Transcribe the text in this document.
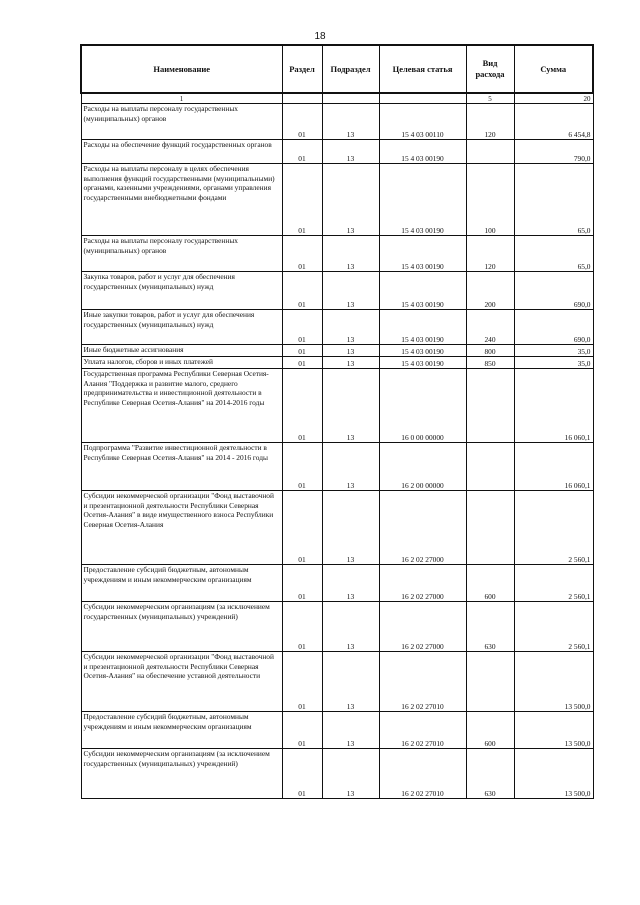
18
Наименование	Раздел	Подраздел	Целевая статья	Вид расхода	Сумма
1				5	20
Расходы на выплаты персоналу государственных (муниципальных) органов	01	13	15 4 03 00110	120	6 454,8
Расходы на обеспечение функций государственных органов	01	13	15 4 03 00190		790,0
Расходы на выплаты персоналу в целях обеспечения выполнения функций государственными (муниципальными) органами, казенными учреждениями, органами управления государственными внебюджетными фондами	01	13	15 4 03 00190	100	65,0
Расходы на выплаты персоналу государственных (муниципальных) органов	01	13	15 4 03 00190	120	65,0
Закупка товаров, работ и услуг для обеспечения государственных (муниципальных) нужд	01	13	15 4 03 00190	200	690,0
Иные закупки товаров, работ и услуг для обеспечения государственных (муниципальных) нужд	01	13	15 4 03 00190	240	690,0
Иные бюджетные ассигнования	01	13	15 4 03 00190	800	35,0
Уплата налогов, сборов и иных платежей	01	13	15 4 03 00190	850	35,0
Государственная программа Республики Северная Осетия-Алания "Поддержка и развитие малого, среднего предпринимательства и инвестиционной деятельности в Республике Северная Осетия-Алания" на 2014-2016 годы	01	13	16 0 00 00000		16 060,1
Подпрограмма "Развитие инвестиционной деятельности в Республике Северная Осетия-Алания" на 2014 - 2016 годы	01	13	16 2 00 00000		16 060,1
Субсидии некоммерческой организации "Фонд выставочной и презентационной деятельности Республики Северная Осетия-Алания" в виде имущественного взноса Республики Северная Осетия-Алания	01	13	16 2 02 27000		2 560,1
Предоставление субсидий бюджетным, автономным учреждениям и иным некоммерческим организациям	01	13	16 2 02 27000	600	2 560,1
Субсидии некоммерческим организациям (за исключением государственных (муниципальных) учреждений)	01	13	16 2 02 27000	630	2 560,1
Субсидии некоммерческой организации "Фонд выставочной и презентационной деятельности Республики Северная Осетия-Алания" на обеспечение уставной деятельности	01	13	16 2 02 27010		13 500,0
Предоставление субсидий бюджетным, автономным учреждениям и иным некоммерческим организациям	01	13	16 2 02 27010	600	13 500,0
Субсидии некоммерческим организациям (за исключением государственных (муниципальных) учреждений)	01	13	16 2 02 27010	630	13 500,0
